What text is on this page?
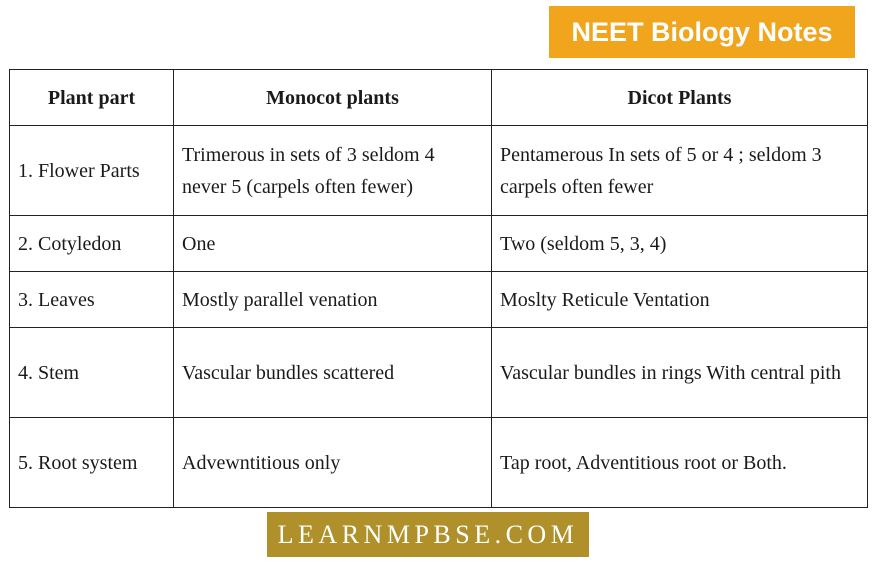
NEET Biology Notes
Plant part	Monocot plants	Dicot Plants
1. Flower Parts	Trimerous in sets of 3 seldom 4 never 5 (carpels often fewer)	Pentamerous In sets of 5 or 4 ; seldom 3 carpels often fewer
2. Cotyledon	One	Two (seldom 5, 3, 4)
3. Leaves	Mostly parallel venation	Moslty Reticule Ventation
4. Stem	Vascular bundles scattered	Vascular bundles in rings With central pith
5. Root system	Advewntitious only	Tap root, Adventitious root or Both.
LEARNMPBSE.COM
